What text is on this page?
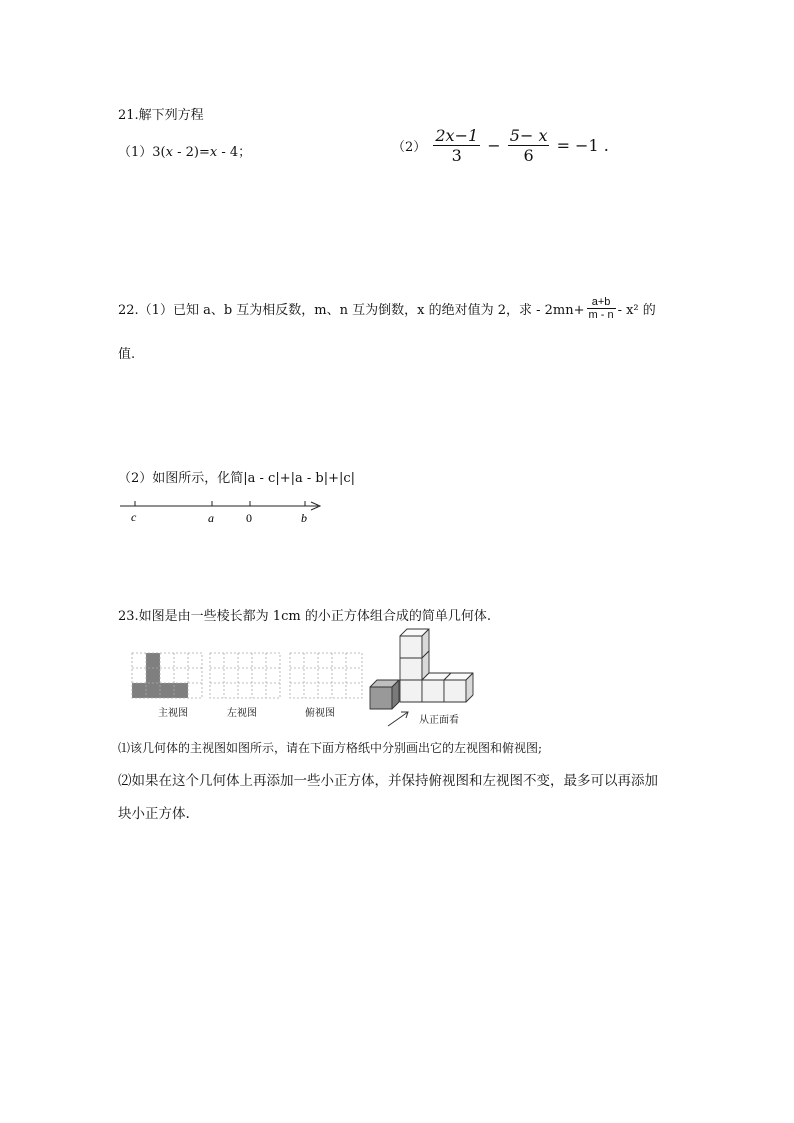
21.解下列方程
（1）3(x - 2)=x - 4；	$(2) \frac{2x-1}{3} - \frac{5- x}{6} = -1$ .
22.（1）已知 a、b 互为相反数，m、n 互为倒数，x 的绝对值为 2，求 - $2mn+ \frac{a+b}{m - n} - x^2$ 的
值.
（2）如图所示，化简|a - c|+|a - b|+|c|
c	a	0	b
23.如图是由一些棱长都为 1cm 的小正方体组合成的简单几何体.
主视图	左视图	俯视图
从正面看
⑴该几何体的主视图如图所示，请在下面方格纸中分别画出它的左视图和俯视图;
⑵如果在这个几何体上再添加一些小正方体，并保持俯视图和左视图不变，最多可以再添加
块小正方体.
